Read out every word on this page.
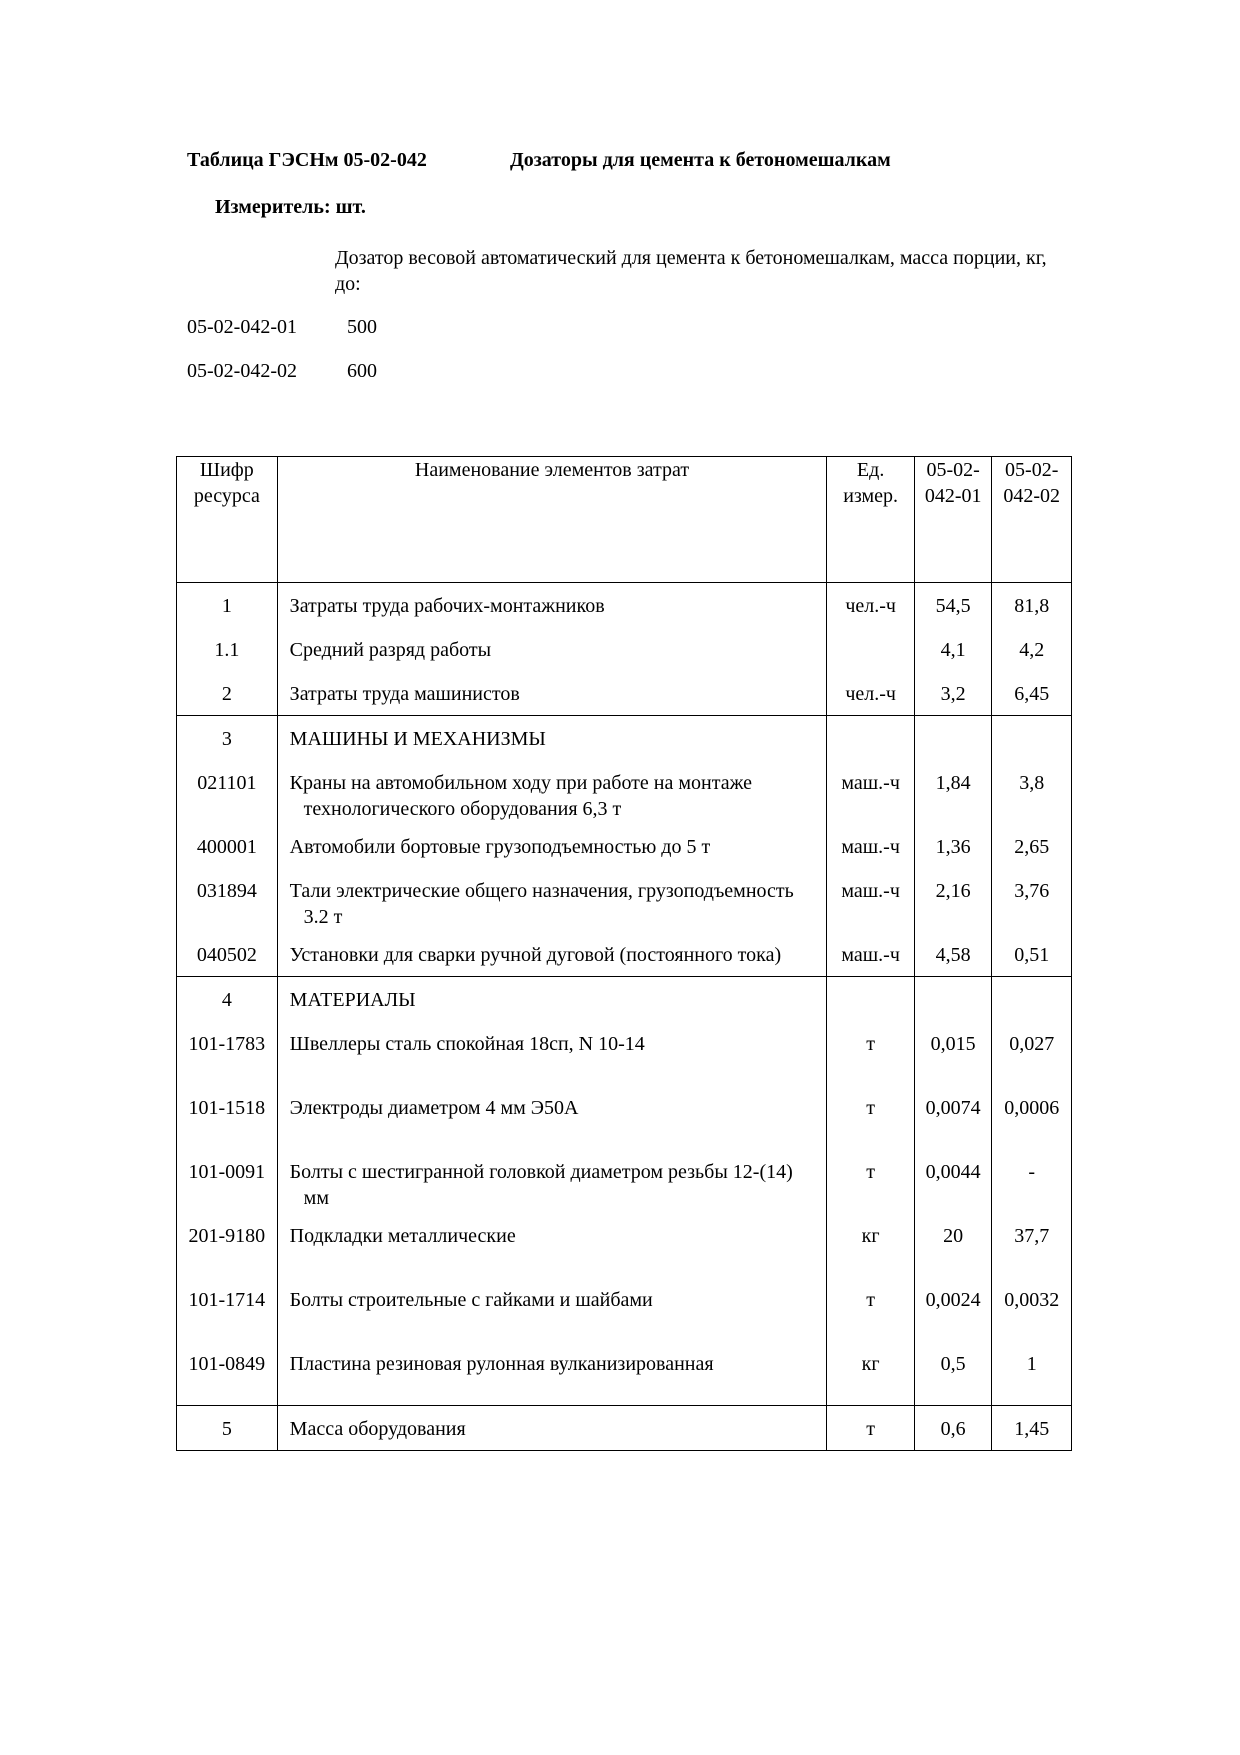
Таблица ГЭСНм 05-02-042	Дозаторы для цемента к бетономешалкам
Измеритель: шт.
Дозатор весовой автоматический для цемента к бетономешалкам, масса порции, кг, до:
05-02-042-01	500
05-02-042-02	600
Шифр ресурса	Наименование элементов затрат	Ед. измер.	05-02-042-01	05-02-042-02
1	Затраты труда рабочих-монтажников	чел.-ч	54,5	81,8
1.1	Средний разряд работы		4,1	4,2
2	Затраты труда машинистов	чел.-ч	3,2	6,45
3	МАШИНЫ И МЕХАНИЗМЫ			

021101	Краны на автомобильном ходу при работе на монтаже технологического оборудования 6,3 т	маш.-ч	1,84	3,8
400001	Автомобили бортовые грузоподъемностью до 5 т	маш.-ч	1,36	2,65
031894	Тали электрические общего назначения, грузоподъемность 3.2 т	маш.-ч	2,16	3,76
040502	Установки для сварки ручной дуговой (постоянного тока)	маш.-ч	4,58	0,51
4	МАТЕРИАЛЫ			

101-1783	Швеллеры сталь спокойная 18сп, N 10-14	т	0,015	0,027
101-1518	Электроды диаметром 4 мм Э50А	т	0,0074	0,0006
101-0091	Болты с шестигранной головкой диаметром резьбы 12-(14) мм	т	0,0044	-
201-9180	Подкладки металлические	кг	20	37,7
101-1714	Болты строительные с гайками и шайбами	т	0,0024	0,0032
101-0849	Пластина резиновая рулонная вулканизированная	кг	0,5	1
5	Масса оборудования	т	0,6	1,45
